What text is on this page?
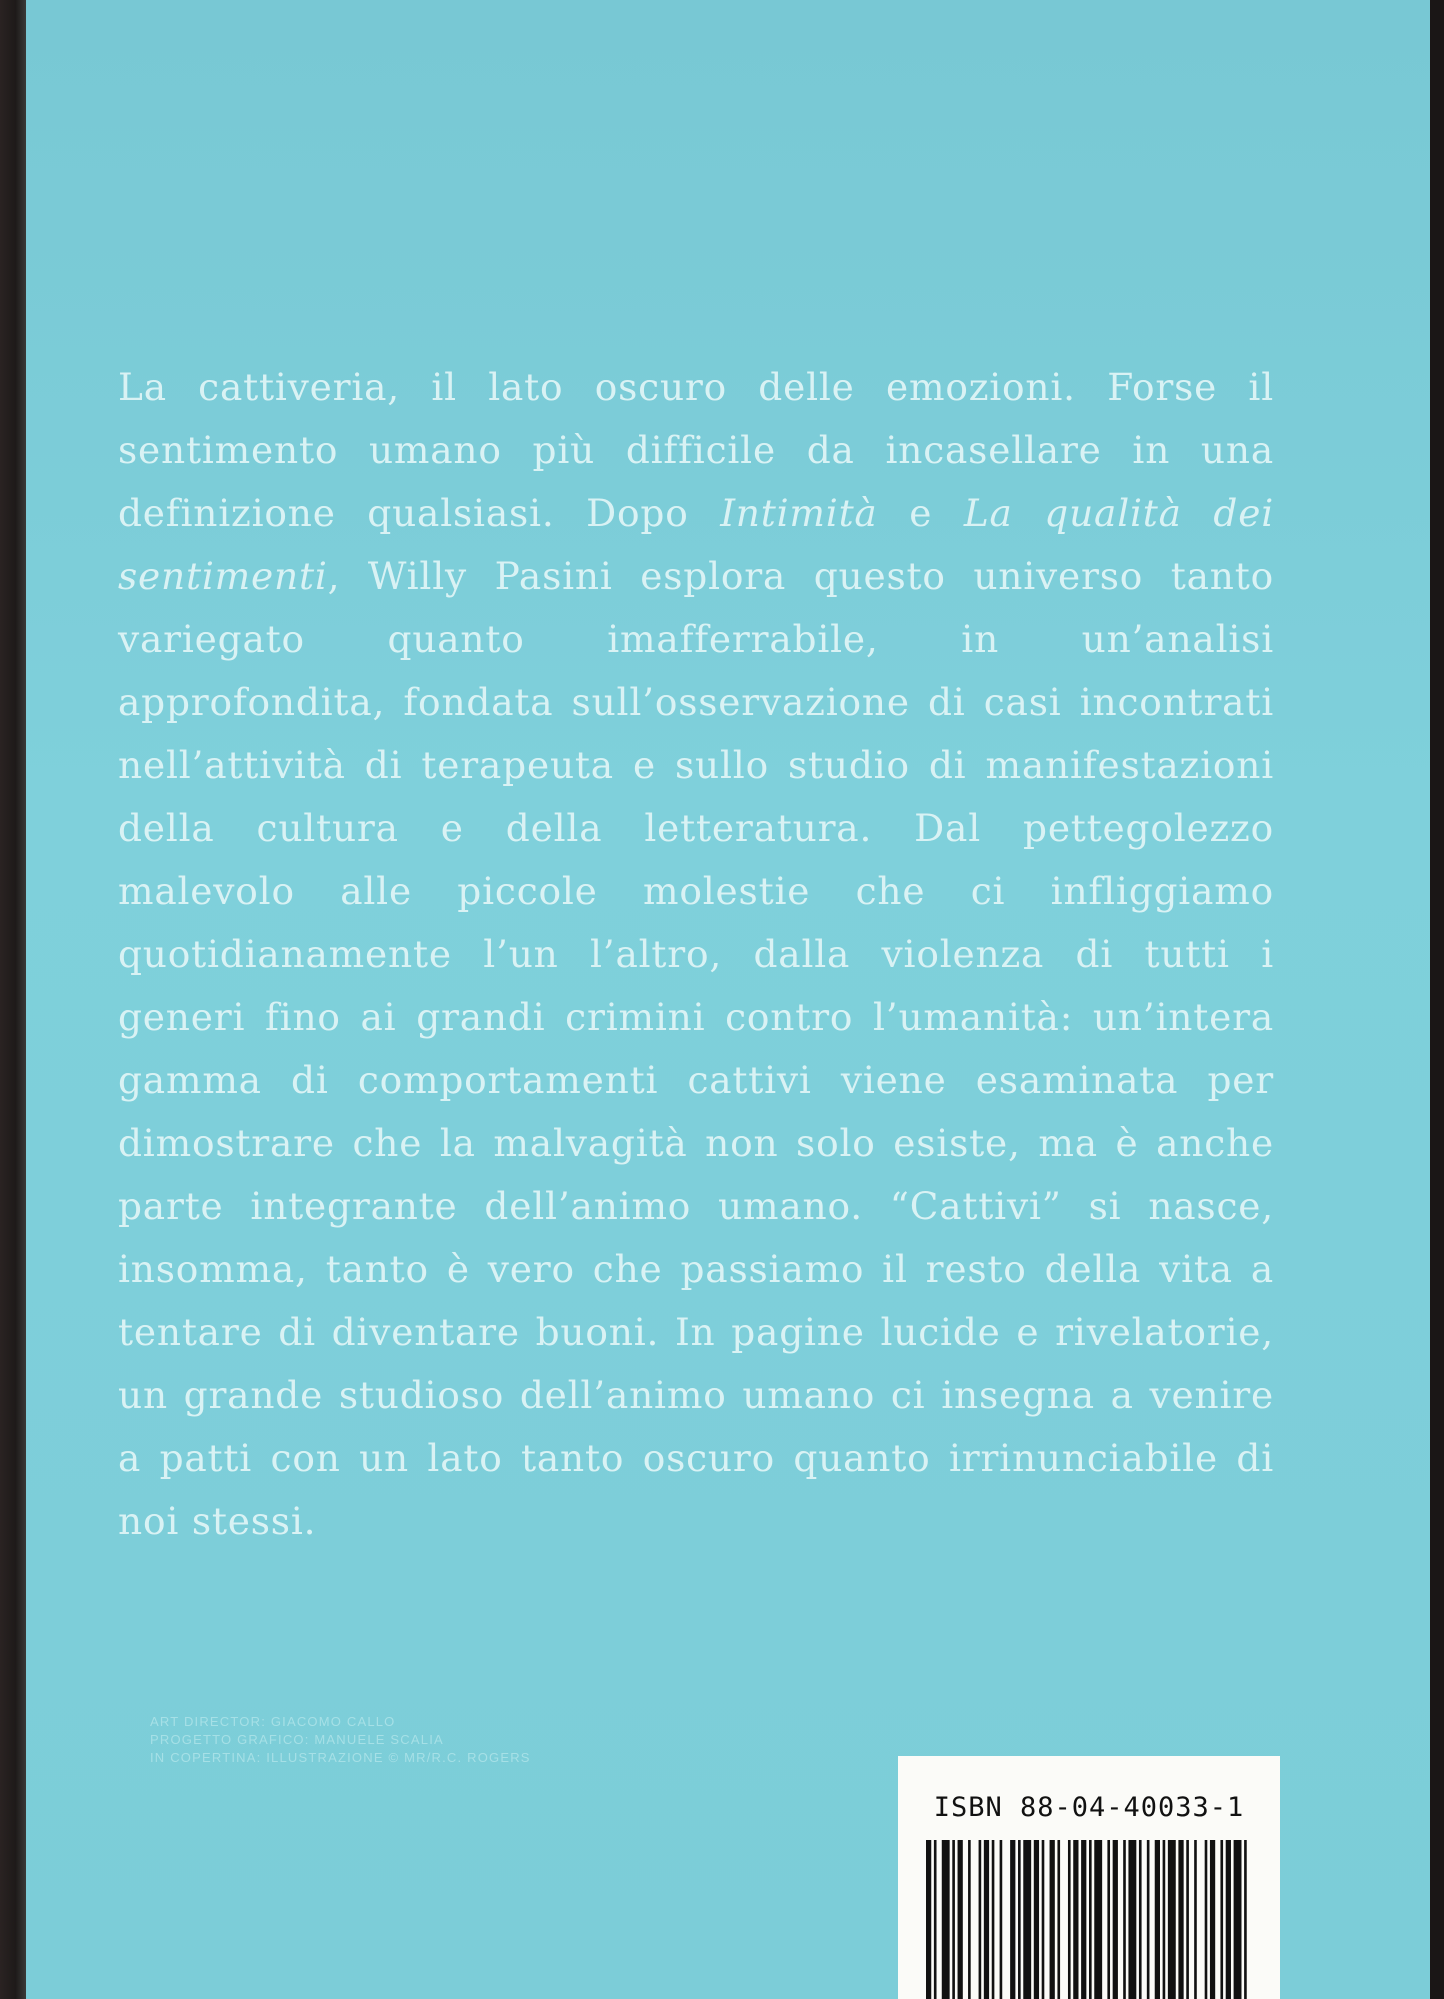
La cattiveria, il lato oscuro delle emozioni. Forse il sentimento umano più difficile da incasellare in una definizione qualsiasi. Dopo Intimità e La qualità dei sentimenti, Willy Pasini esplora questo universo tanto variegato quanto imafferrabile, in un’analisi approfondita, fondata sull’osservazione di casi incontrati nell’attività di terapeuta e sullo studio di manifestazioni della cultura e della letteratura. Dal pettegolezzo malevolo alle piccole molestie che ci infliggiamo quotidianamente l’un l’altro, dalla violenza di tutti i generi fino ai grandi crimini contro l’umanità: un’intera gamma di comportamenti cattivi viene esaminata per dimostrare che la malvagità non solo esiste, ma è anche parte integrante dell’animo umano. “Cattivi” si nasce, insomma, tanto è vero che passiamo il resto della vita a tentare di diventare buoni. In pagine lucide e rivelatorie, un grande studioso dell’animo umano ci insegna a venire a patti con un lato tanto oscuro quanto irrinunciabile di noi stessi.

ART DIRECTOR: GIACOMO CALLO
PROGETTO GRAFICO: MANUELE SCALIA
IN COPERTINA: ILLUSTRAZIONE © MR/R.C. ROGERS
ISBN 88-04-40033-1
